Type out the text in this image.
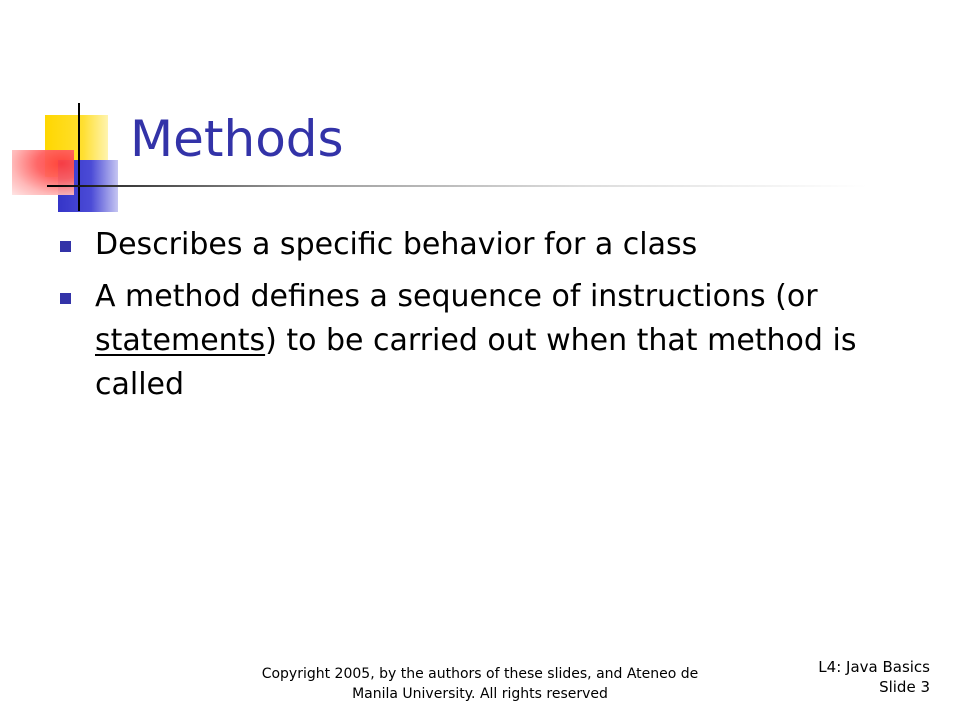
Methods
Describes a specific behavior for a class
A method defines a sequence of instructions (or statements) to be carried out when that method is called
Copyright 2005, by the authors of these slides, and Ateneo de
Manila University. All rights reserved
L4: Java Basics
Slide 3
